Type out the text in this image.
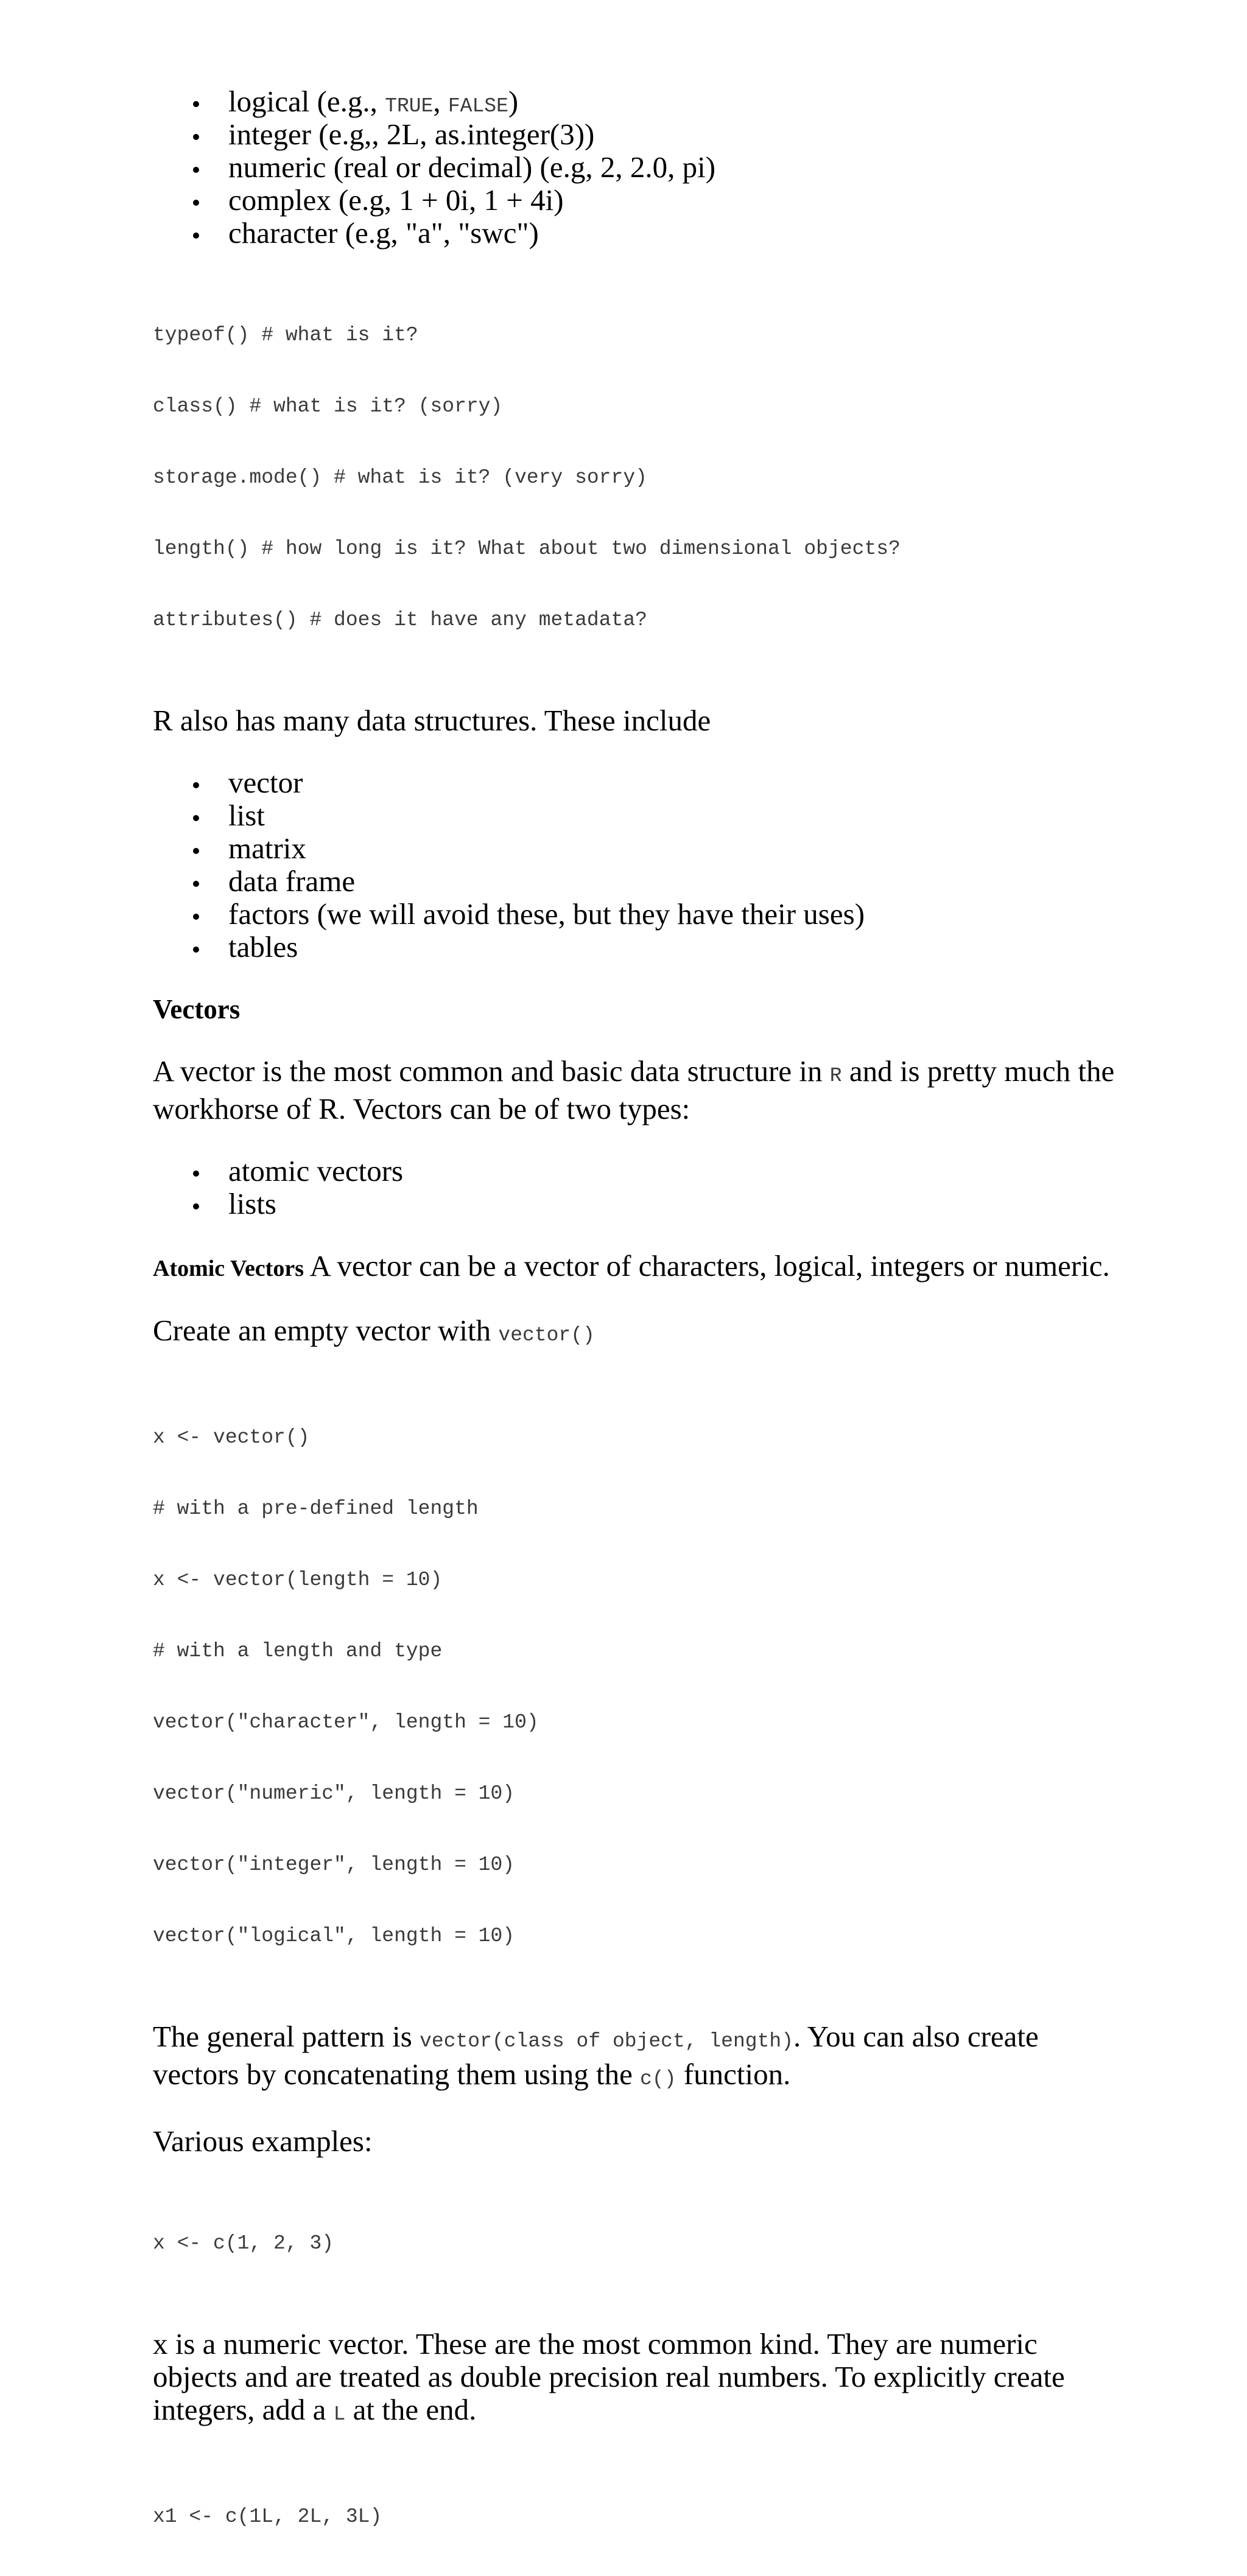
logical (e.g., TRUE, FALSE)
integer (e.g,, 2L, as.integer(3))
numeric (real or decimal) (e.g, 2, 2.0, pi)
complex (e.g, 1 + 0i, 1 + 4i)
character (e.g, "a", "swc")

typeof() # what is it?

class() # what is it? (sorry)

storage.mode() # what is it? (very sorry)

length() # how long is it? What about two dimensional objects?

attributes() # does it have any metadata?

R also has many data structures. These include

vector
list
matrix
data frame
factors (we will avoid these, but they have their uses)
tables
Vectors

A vector is the most common and basic data structure in R and is pretty much the workhorse of R. Vectors can be of two types:

atomic vectors
lists

Atomic Vectors A vector can be a vector of characters, logical, integers or numeric.

Create an empty vector with vector()

x <- vector()

# with a pre-defined length

x <- vector(length = 10)

# with a length and type

vector("character", length = 10)

vector("numeric", length = 10)

vector("integer", length = 10)

vector("logical", length = 10)

The general pattern is vector(class of object, length). You can also create vectors by concatenating them using the c() function.

Various examples:

x <- c(1, 2, 3)

x is a numeric vector. These are the most common kind. They are numeric objects and are treated as double precision real numbers. To explicitly create integers, add a L at the end.

x1 <- c(1L, 2L, 3L)
